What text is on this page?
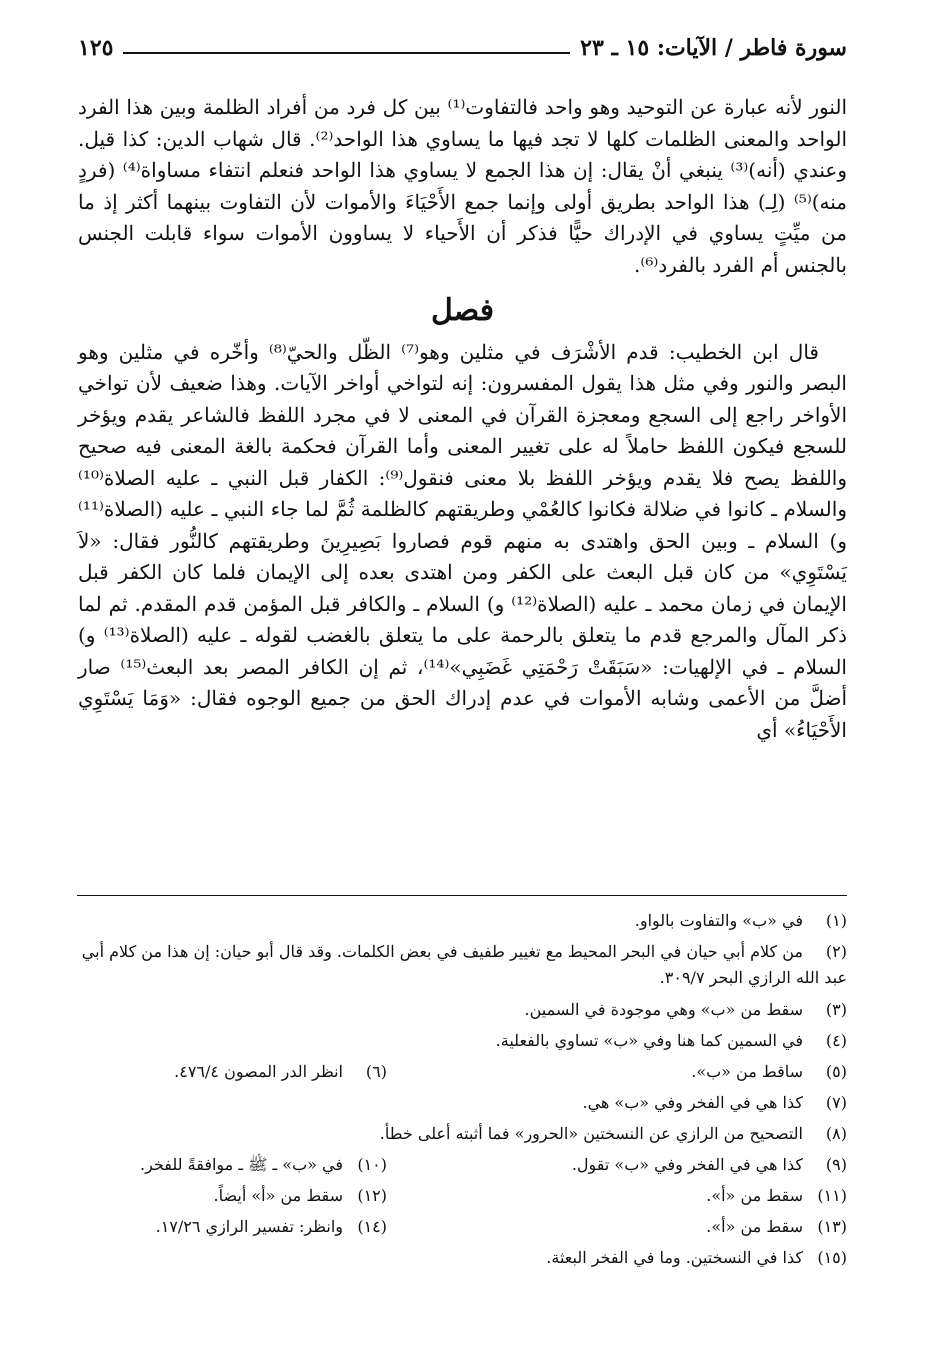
سورة فاطر / الآيات: ١٥ ـ ٢٣
١٢٥

النور لأنه عبارة عن التوحيد وهو واحد فالتفاوت⁽¹⁾ بين كل فرد من أفراد الظلمة وبين هذا الفرد الواحد والمعنى الظلمات كلها لا تجد فيها ما يساوي هذا الواحد⁽²⁾. قال شهاب الدين: كذا قيل. وعندي (أنه)⁽³⁾ ينبغي أنْ يقال: إن هذا الجمع لا يساوي هذا الواحد فنعلم انتفاء مساواة⁽⁴⁾ (فردٍ منه)⁽⁵⁾ (لِـ) هذا الواحد بطريق أولى وإنما جمع الأَحْيَاءَ والأموات لأن التفاوت بينهما أكثر إذ ما من ميِّتٍ يساوي في الإدراك حيًّا فذكر أن الأَحياء لا يساوون الأموات سواء قابلت الجنس بالجنس أم الفرد بالفرد⁽⁶⁾.

فصل

قال ابن الخطيب: قدم الأشْرَف في مثلين وهو⁽⁷⁾ الظّل والحيّ⁽⁸⁾ وأخّره في مثلين وهو البصر والنور وفي مثل هذا يقول المفسرون: إنه لتواخي أواخر الآيات. وهذا ضعيف لأن تواخي الأواخر راجع إلى السجع ومعجزة القرآن في المعنى لا في مجرد اللفظ فالشاعر يقدم ويؤخر للسجع فيكون اللفظ حاملاً له على تغيير المعنى وأما القرآن فحكمة بالغة المعنى فيه صحيح واللفظ يصح فلا يقدم ويؤخر اللفظ بلا معنى فنقول⁽⁹⁾: الكفار قبل النبي ـ عليه الصلاة⁽¹⁰⁾ والسلام ـ كانوا في ضلالة فكانوا كالعُمْي وطريقتهم كالظلمة ثُمَّ لما جاء النبي ـ عليه (الصلاة⁽¹¹⁾ و) السلام ـ وبين الحق واهتدى به منهم قوم فصاروا بَصِيرِينَ وطريقتهم كالنُّور فقال: «لاَ يَسْتَوِي» من كان قبل البعث على الكفر ومن اهتدى بعده إلى الإيمان فلما كان الكفر قبل الإيمان في زمان محمد ـ عليه (الصلاة⁽¹²⁾ و) السلام ـ والكافر قبل المؤمن قدم المقدم. ثم لما ذكر المآل والمرجع قدم ما يتعلق بالرحمة على ما يتعلق بالغضب لقوله ـ عليه (الصلاة⁽¹³⁾ و) السلام ـ في الإلهيات: «سَبَقَتْ رَحْمَتِي غَضَبِي»⁽¹⁴⁾، ثم إن الكافر المصر بعد البعث⁽¹⁵⁾ صار أضلَّ من الأعمى وشابه الأموات في عدم إدراك الحق من جميع الوجوه فقال: «وَمَا يَسْتَوِي الأَحْيَاءُ» أي

(١)في «ب» والتفاوت بالواو.
(٢)من كلام أبي حيان في البحر المحيط مع تغيير طفيف في بعض الكلمات. وقد قال أبو حيان: إن هذا من كلام أبي عبد الله الرازي البحر ٣٠٩/٧.
(٣)سقط من «ب» وهي موجودة في السمين.
(٤)في السمين كما هنا وفي «ب» تساوي بالفعلية.
(٥)ساقط من «ب».
(٦)انظر الدر المصون ٤٧٦/٤.
(٧)كذا هي في الفخر وفي «ب» هي.
(٨)التصحيح من الرازي عن النسختين «الحرور» فما أثبته أعلى خطأ.
(٩)كذا هي في الفخر وفي «ب» تقول.
(١٠)في «ب» ـ ﷺ ـ موافقةً للفخر.
(١١)سقط من «أ».
(١٢)سقط من «أ» أيضاً.
(١٣)سقط من «أ».
(١٤)وانظر: تفسير الرازي ١٧/٢٦.
(١٥)كذا في النسختين. وما في الفخر البعثة.
